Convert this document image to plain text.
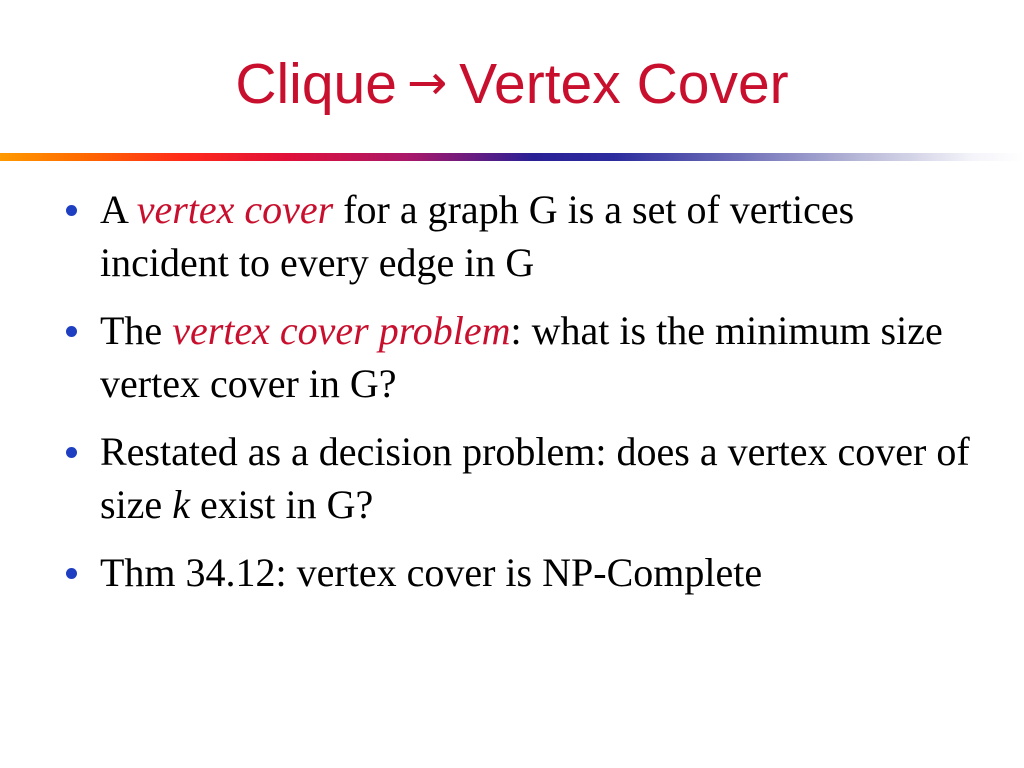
Clique → Vertex Cover
A vertex cover for a graph G is a set of vertices incident to every edge in G
The vertex cover problem: what is the minimum size vertex cover in G?
Restated as a decision problem: does a vertex cover of size k exist in G?
Thm 34.12: vertex cover is NP-Complete
